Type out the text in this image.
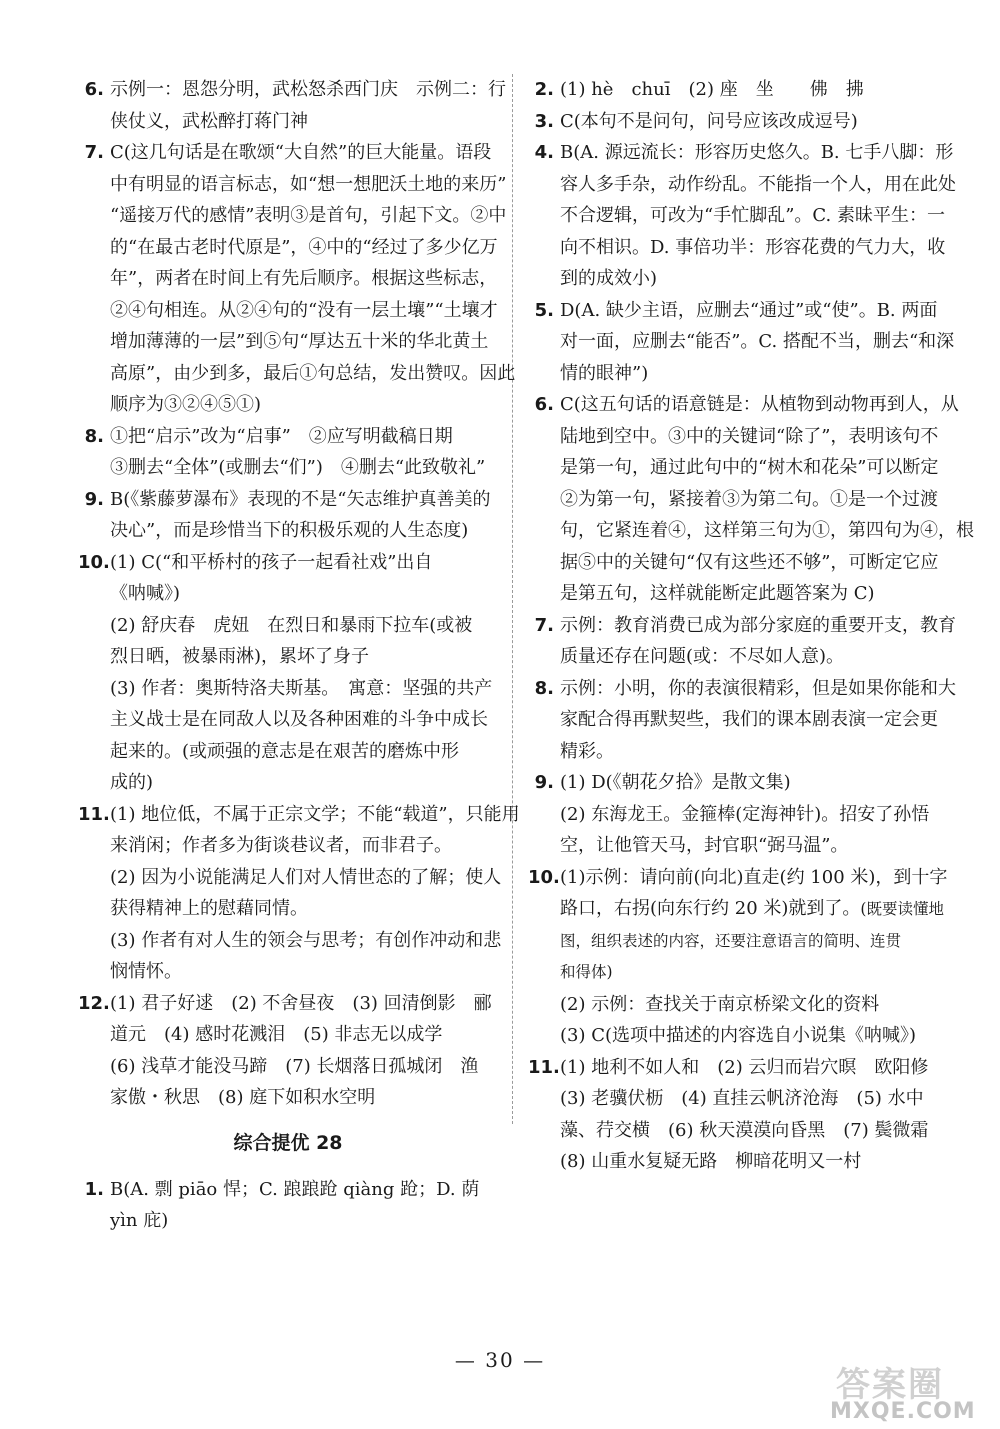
6. 示例一：恩怨分明，武松怒杀西门庆　示例二：行
侠仗义，武松醉打蒋门神
7. C(这几句话是在歌颂“大自然”的巨大能量。语段
中有明显的语言标志，如“想一想肥沃土地的来历”
“遥接万代的感情”表明③是首句，引起下文。②中
的“在最古老时代原是”，④中的“经过了多少亿万
年”，两者在时间上有先后顺序。根据这些标志，
②④句相连。从②④句的“没有一层土壤”“土壤才
增加薄薄的一层”到⑤句“厚达五十米的华北黄土
高原”，由少到多，最后①句总结，发出赞叹。因此
顺序为③②④⑤①)
8. ①把“启示”改为“启事”　②应写明截稿日期
③删去“全体”(或删去“们”)　④删去“此致敬礼”
9. B(《紫藤萝瀑布》表现的不是“矢志维护真善美的
决心”，而是珍惜当下的积极乐观的人生态度)
10. (1) C(“和平桥村的孩子一起看社戏”出自
《呐喊》)
(2) 舒庆春　虎妞　在烈日和暴雨下拉车(或被
烈日晒，被暴雨淋)，累坏了身子
(3) 作者：奥斯特洛夫斯基。　寓意：坚强的共产
主义战士是在同敌人以及各种困难的斗争中成长
起来的。(或顽强的意志是在艰苦的磨炼中形
成的)
11. (1) 地位低，不属于正宗文学；不能“载道”，只能用
来消闲；作者多为街谈巷议者，而非君子。
(2) 因为小说能满足人们对人情世态的了解；使人
获得精神上的慰藉同情。
(3) 作者有对人生的领会与思考；有创作冲动和悲
悯情怀。
12. (1) 君子好逑　(2) 不舍昼夜　(3) 回清倒影　郦
道元　(4) 感时花溅泪　(5) 非志无以成学
(6) 浅草才能没马蹄　(7) 长烟落日孤城闭　渔
家傲・秋思　(8) 庭下如积水空明
综合提优 28
1. B(A. 剽 piāo 悍；C. 踉踉跄 qiàng 跄；D. 荫
yìn 庇)
2. (1) hè　chuī　(2) 座　坐　　佛　拂
3. C(本句不是问句，问号应该改成逗号)
4. B(A. 源远流长：形容历史悠久。B. 七手八脚：形
容人多手杂，动作纷乱。不能指一个人，用在此处
不合逻辑，可改为“手忙脚乱”。C. 素昧平生：一
向不相识。D. 事倍功半：形容花费的气力大，收
到的成效小)
5. D(A. 缺少主语，应删去“通过”或“使”。B. 两面
对一面，应删去“能否”。C. 搭配不当，删去“和深
情的眼神”)
6. C(这五句话的语意链是：从植物到动物再到人，从
陆地到空中。③中的关键词“除了”，表明该句不
是第一句，通过此句中的“树木和花朵”可以断定
②为第一句，紧接着③为第二句。①是一个过渡
句，它紧连着④，这样第三句为①，第四句为④，根
据⑤中的关键句“仅有这些还不够”，可断定它应
是第五句，这样就能断定此题答案为 C)
7. 示例：教育消费已成为部分家庭的重要开支，教育
质量还存在问题(或：不尽如人意)。
8. 示例：小明，你的表演很精彩，但是如果你能和大
家配合得再默契些，我们的课本剧表演一定会更
精彩。
9. (1) D(《朝花夕拾》是散文集)
(2) 东海龙王。金箍棒(定海神针)。招安了孙悟
空，让他管天马，封官职“弼马温”。
10. (1)示例：请向前(向北)直走(约 100 米)，到十字
路口，右拐(向东行约 20 米)就到了。(既要读懂地
图，组织表述的内容，还要注意语言的简明、连贯
和得体)
(2) 示例：查找关于南京桥梁文化的资料
(3) C(选项中描述的内容选自小说集《呐喊》)
11. (1) 地利不如人和　(2) 云归而岩穴暝　欧阳修
(3) 老骥伏枥　(4) 直挂云帆济沧海　(5) 水中
藻、荇交横　(6) 秋天漠漠向昏黑　(7) 鬓微霜
(8) 山重水复疑无路　柳暗花明又一村
— 30 —
答案圈
MXQE.COM
